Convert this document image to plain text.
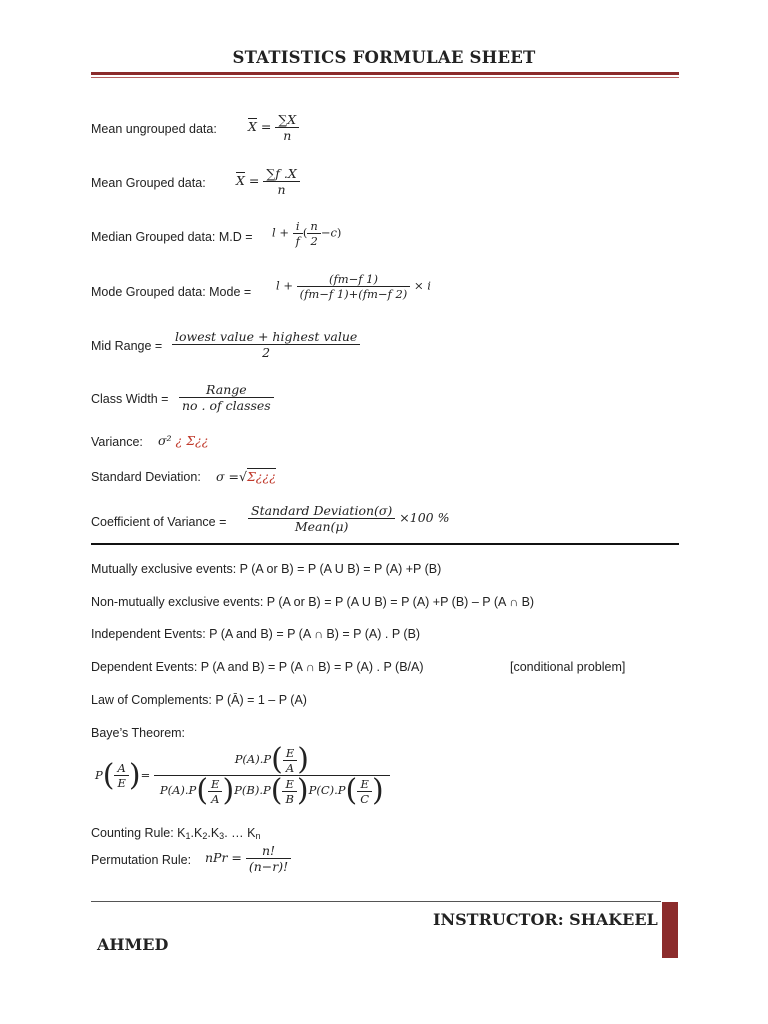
STATISTICS FORMULAE SHEET
Mean ungrouped data: $X = \frac{\sum X}{n}$
Mean Grouped data: $X = \frac{\sum f .X}{n}$
Median Grouped data: $M.D = l + \frac{i}{f}$ ( $\frac{n}{2} -c$)
Mode Grouped data: Mode = $l + \frac{(fm-f 1)}{(fm-f 1)+(fm-f 2)} \times i$
Mid Range = $\frac{\text{lowest value + highest value}}{2}$
Class Width = $\frac{\text{Range}}{\text{no . of classes}}$
Variance: σ² ¿ Σ¿¿
Standard Deviation: σ =√Σ¿¿¿
Coefficient of Variance = $\frac{\text{Standard Deviation(σ)}}{\text{Mean(μ)}} \times 100$ %
Mutually exclusive events: P (A or B) = P (A U B) = P (A) +P (B)
Non-mutually exclusive events: P (A or B) = P (A U B) = P (A) +P (B) – P (A ∩ B)
Independent Events: P (A and B) = P (A ∩ B) = P (A) . P (B)
Dependent Events: P (A and B) = P (A ∩ B) = P (A) . P (B/A)	[conditional problem]
Law of Complements: P (Ā) = 1 – P (A)
Baye’s Theorem:
$P( \frac{A}{E}$ )= $\frac{P(A).P( \frac{E}{A} )}{P(A).P( \frac{E}{A} )P(B).P( \frac{E}{B} )P(C).P( \frac{E}{C} )}$
Counting Rule: $K_1.K_2.K_3$. … $K_n$
Permutation Rule: nPr = $\frac{n!}{(n-r)!}$
INSTRUCTOR: SHAKEEL
AHMED
